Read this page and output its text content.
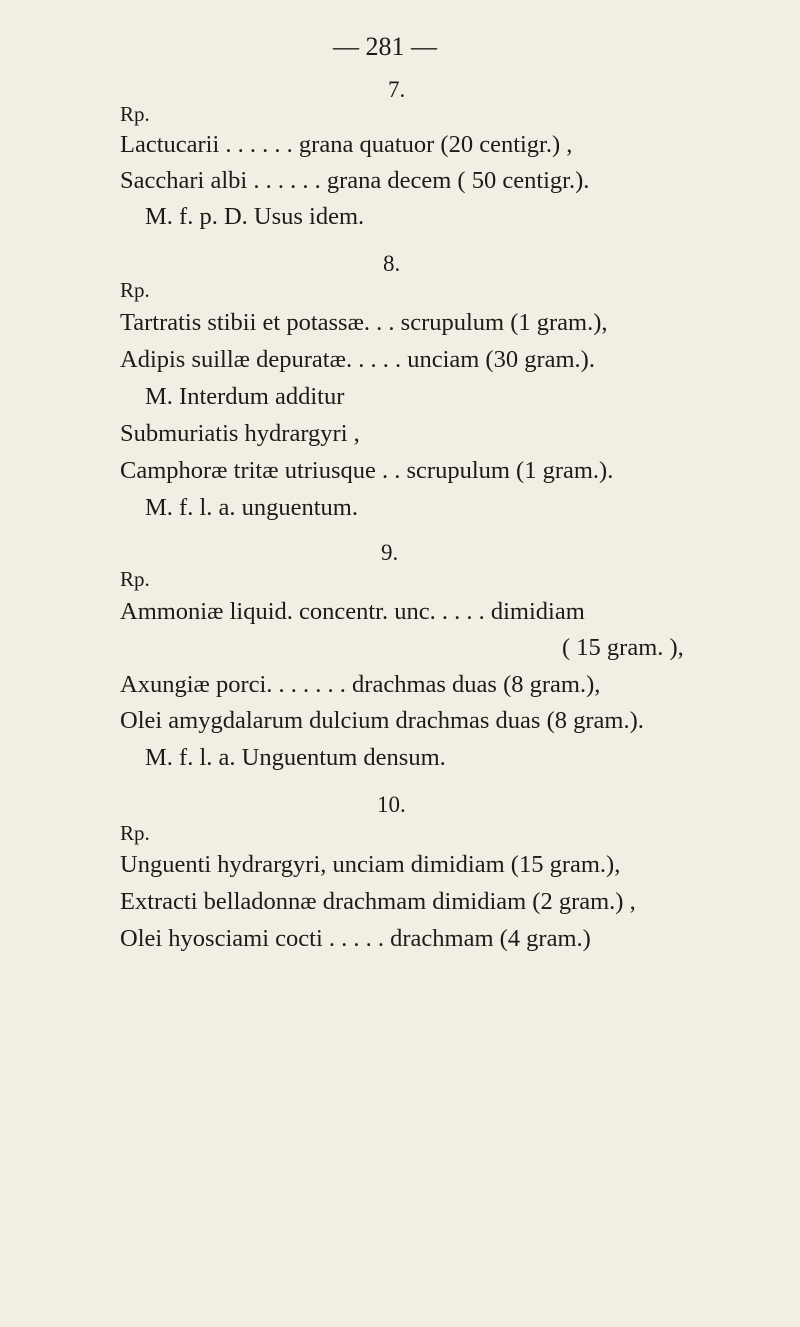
— 281 —
7.
Rp.
Lactucarii . . . . . . grana quatuor (20 centigr.) ,
Sacchari albi . . . . . . grana decem ( 50 centigr.).
M. f. p. D. Usus idem.
8.
Rp.
Tartratis stibii et potassæ. . . scrupulum (1 gram.),
Adipis suillæ depuratæ. . . . . unciam (30 gram.).
M. Interdum additur
Submuriatis hydrargyri ,
Camphoræ tritæ utriusque . . scrupulum (1 gram.).
M. f. l. a. unguentum.
9.
Rp.
Ammoniæ liquid. concentr. unc. . . . . dimidiam
( 15 gram. ),
Axungiæ porci. . . . . . . drachmas duas (8 gram.),
Olei amygdalarum dulcium drachmas duas (8 gram.).
M. f. l. a. Unguentum densum.
10.
Rp.
Unguenti hydrargyri, unciam dimidiam (15 gram.),
Extracti belladonnæ drachmam dimidiam (2 gram.) ,
Olei hyosciami cocti . . . . . drachmam (4 gram.)
